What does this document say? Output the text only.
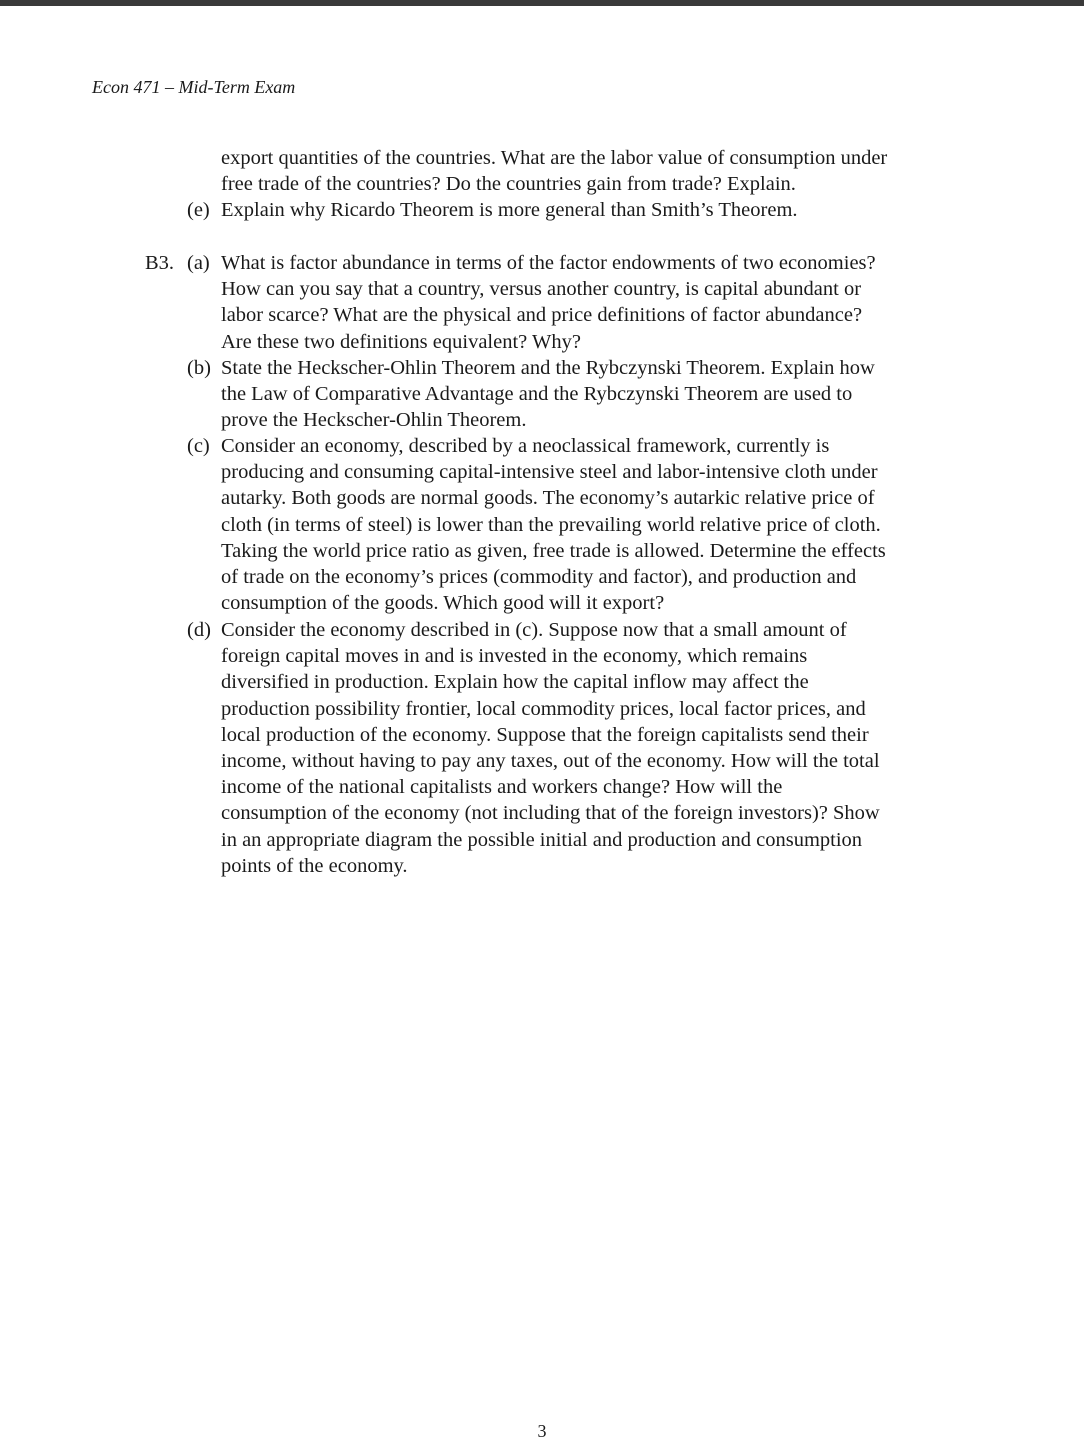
Econ 471 – Mid-Term Exam
export quantities of the countries. What are the labor value of consumption under
free trade of the countries? Do the countries gain from trade? Explain.
(e) Explain why Ricardo Theorem is more general than Smith’s Theorem.
B3. (a) What is factor abundance in terms of the factor endowments of two economies?
How can you say that a country, versus another country, is capital abundant or
labor scarce? What are the physical and price definitions of factor abundance?
Are these two definitions equivalent? Why?
(b) State the Heckscher-Ohlin Theorem and the Rybczynski Theorem. Explain how
the Law of Comparative Advantage and the Rybczynski Theorem are used to
prove the Heckscher-Ohlin Theorem.
(c) Consider an economy, described by a neoclassical framework, currently is
producing and consuming capital-intensive steel and labor-intensive cloth under
autarky. Both goods are normal goods. The economy’s autarkic relative price of
cloth (in terms of steel) is lower than the prevailing world relative price of cloth.
Taking the world price ratio as given, free trade is allowed. Determine the effects
of trade on the economy’s prices (commodity and factor), and production and
consumption of the goods. Which good will it export?
(d) Consider the economy described in (c). Suppose now that a small amount of
foreign capital moves in and is invested in the economy, which remains
diversified in production. Explain how the capital inflow may affect the
production possibility frontier, local commodity prices, local factor prices, and
local production of the economy. Suppose that the foreign capitalists send their
income, without having to pay any taxes, out of the economy. How will the total
income of the national capitalists and workers change? How will the
consumption of the economy (not including that of the foreign investors)? Show
in an appropriate diagram the possible initial and production and consumption
points of the economy.
3
